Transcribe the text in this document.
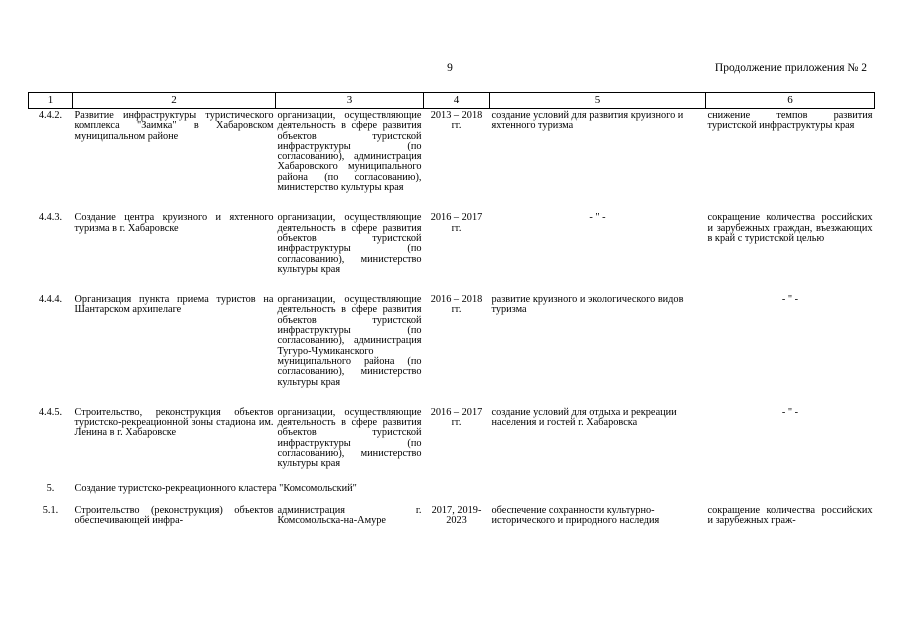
9	Продолжение приложения № 2
1	2	3	4	5	6
4.4.2.	Развитие инфраструктуры туристического комплекса "Заимка" в Хабаровском муниципальном районе	организации, осуществляющие деятельность в сфере развития объектов туристской инфраструктуры (по согласованию), администрация Хабаровского муниципального района (по согласованию), министерство культуры края	2013 – 2018 гг.	создание условий для развития круизного и яхтенного туризма	снижение темпов развития туристской инфраструктуры края

4.4.3.	Создание центра круизного и яхтенного туризма в г. Хабаровске	организации, осуществляющие деятельность в сфере развития объектов туристской инфраструктуры (по согласованию), министерство культуры края	2016 – 2017 гг.	- " -	сокращение количества российских и зарубежных граждан, въезжающих в край с туристской целью

4.4.4.	Организация пункта приема туристов на Шантарском архипелаге	организации, осуществляющие деятельность в сфере развития объектов туристской инфраструктуры (по согласованию), администрация Тугуро-Чумиканского муниципального района (по согласованию), министерство культуры края	2016 – 2018 гг.	развитие круизного и экологического видов туризма	- " -

4.4.5.	Строительство, реконструкция объектов туристско-рекреационной зоны стадиона им. Ленина в г. Хабаровске	организации, осуществляющие деятельность в сфере развития объектов туристской инфраструктуры (по согласованию), министерство культуры края	2016 – 2017 гг.	создание условий для отдыха и рекреации населения и гостей г. Хабаровска	- " -
5.	Создание туристско-рекреационного кластера "Комсомольский"				
5.1.	Строительство (реконструкция) объектов обеспечивающей инфра-	администрация г. Комсомольска-на-Амуре	2017, 2019-2023	обеспечение сохранности культурно-исторического и природного наследия	сокращение количества российских и зарубежных граж-
